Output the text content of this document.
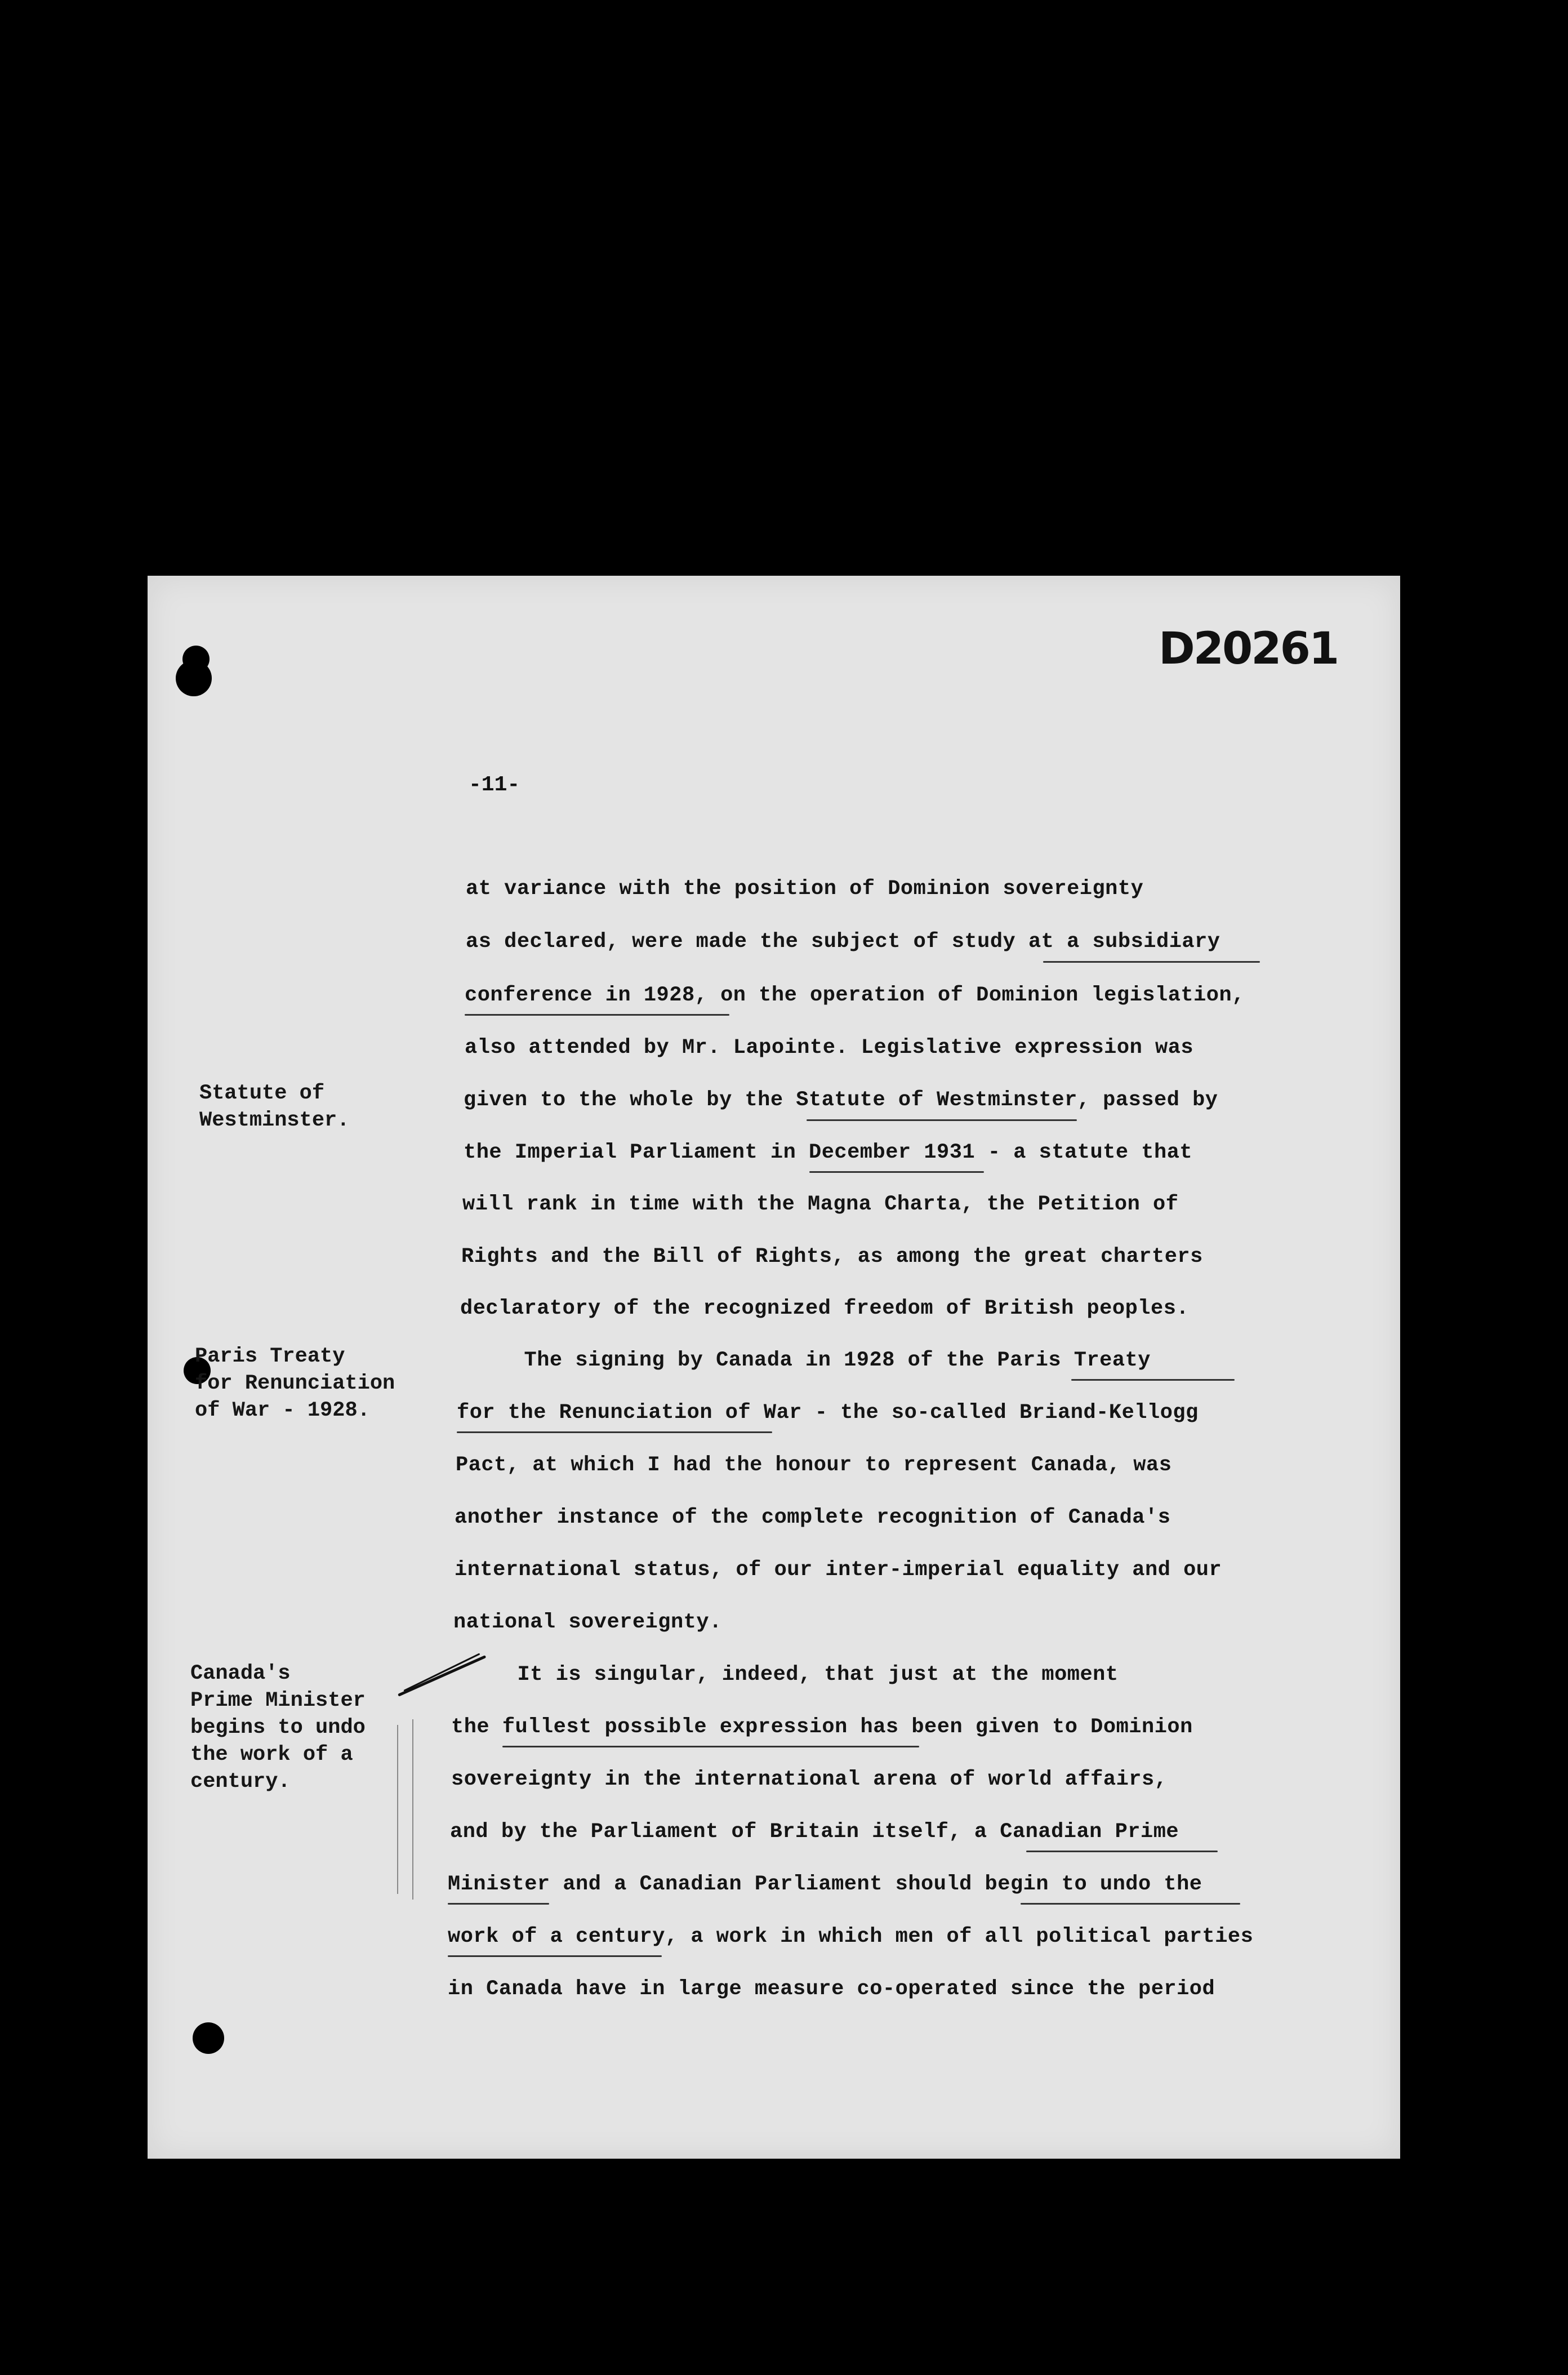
D20261
-11-
Statute of
Westminster.
Paris Treaty
for Renunciation
of War - 1928.
Canada's
Prime Minister
begins to undo
the work of a
century.
at variance with the position of Dominion sovereignty
as declared, were made the subject of study at a subsidiary
conference in 1928, on the operation of Dominion legislation,
also attended by Mr. Lapointe. Legislative expression was
given to the whole by the Statute of Westminster, passed by
the Imperial Parliament in December 1931 - a statute that
will rank in time with the Magna Charta, the Petition of
Rights and the Bill of Rights, as among the great charters
declaratory of the recognized freedom of British peoples.
The signing by Canada in 1928 of the Paris Treaty
for the Renunciation of War - the so-called Briand-Kellogg
Pact, at which I had the honour to represent Canada, was
another instance of the complete recognition of Canada's
international status, of our inter-imperial equality and our
national sovereignty.
It is singular, indeed, that just at the moment
the fullest possible expression has been given to Dominion
sovereignty in the international arena of world affairs,
and by the Parliament of Britain itself, a Canadian Prime
Minister and a Canadian Parliament should begin to undo the
work of a century, a work in which men of all political parties
in Canada have in large measure co-operated since the period
